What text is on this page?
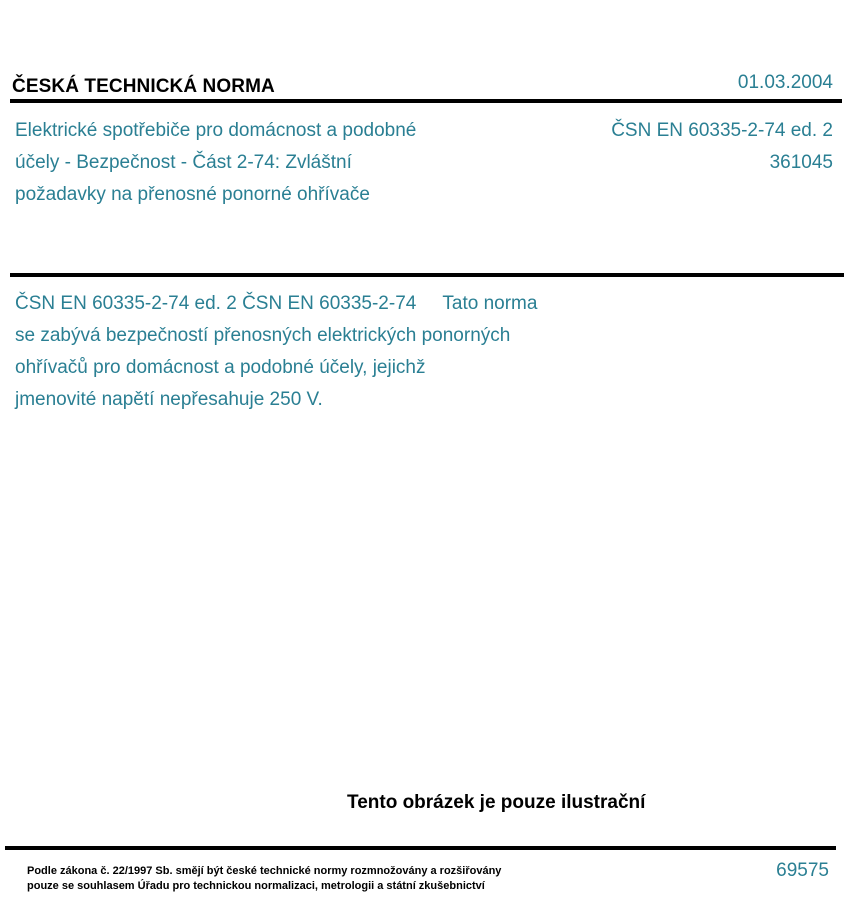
ČESKÁ TECHNICKÁ NORMA	01.03.2004
Elektrické spotřebiče pro domácnost a podobné
účely - Bezpečnost - Část 2-74: Zvláštní
požadavky na přenosné ponorné ohřívače
ČSN EN 60335-2-74 ed. 2
361045
ČSN EN 60335-2-74 ed. 2 ČSN EN 60335-2-74     Tato norma
se zabývá bezpečností přenosných elektrických ponorných
ohřívačů pro domácnost a podobné účely, jejichž
jmenovité napětí nepřesahuje 250 V.
Tento obrázek je pouze ilustrační
Podle zákona č. 22/1997 Sb. smějí být české technické normy rozmnožovány a rozšiřovány
pouze se souhlasem Úřadu pro technickou normalizaci, metrologii a státní zkušebnictví
69575
